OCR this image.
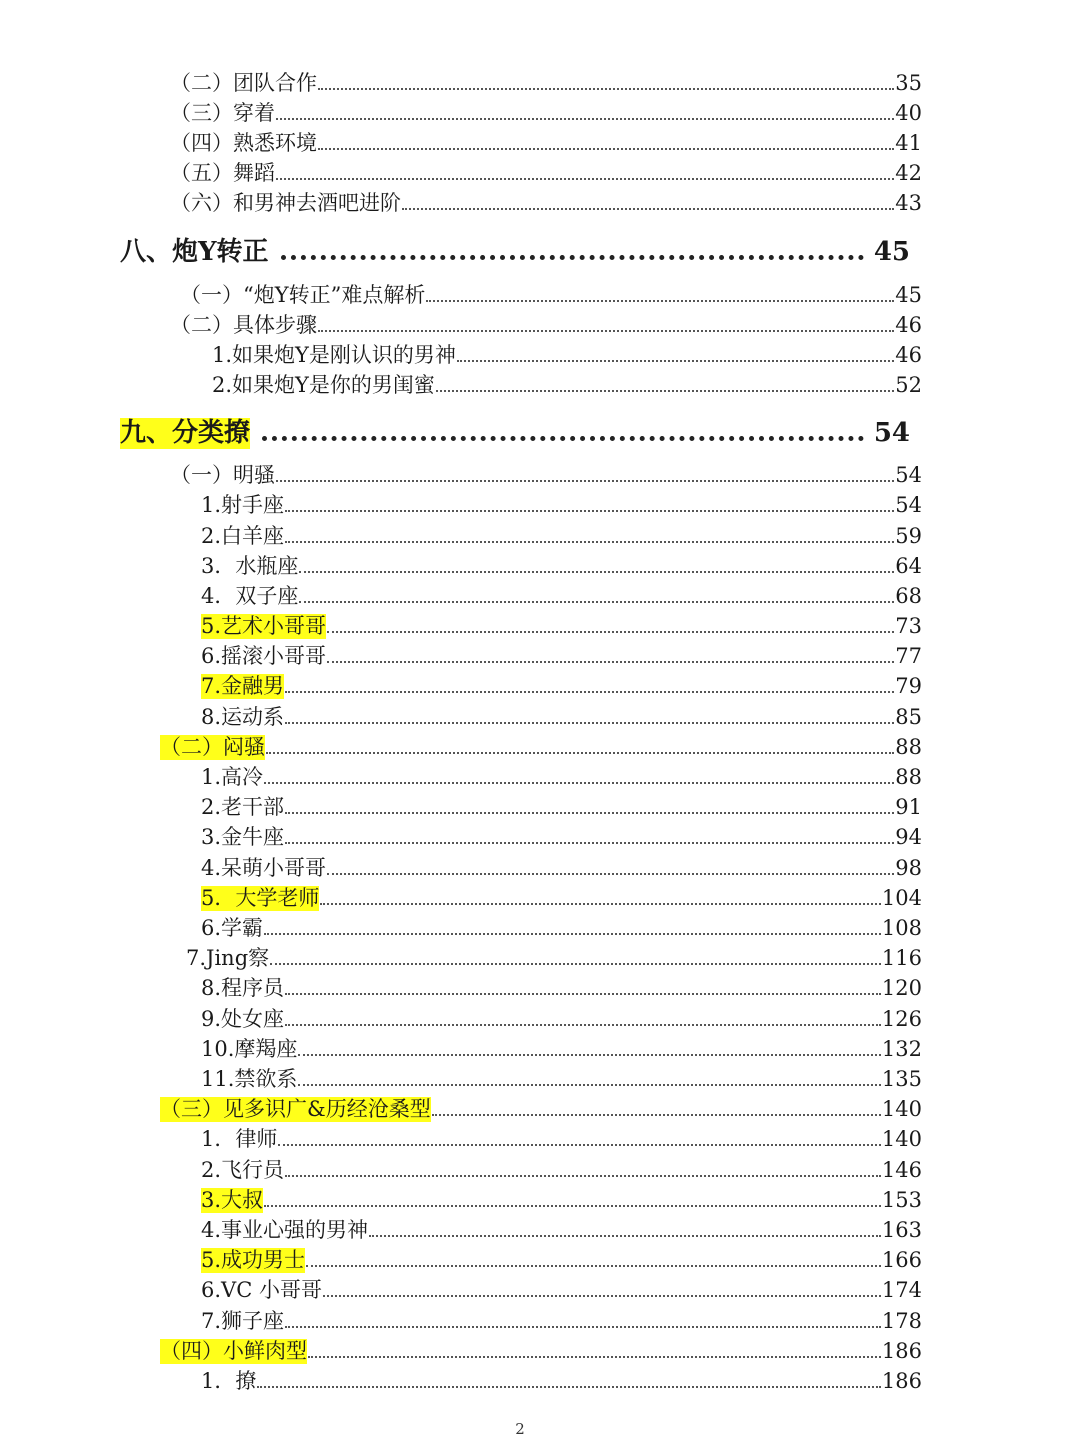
（二）团队合作	35
（三）穿着	40
（四）熟悉环境	41
（五）舞蹈	42
（六）和男神去酒吧进阶	43
八、炮Y转正	45
（一）“炮Y转正”难点解析	45
（二）具体步骤	46
1.如果炮Y是刚认识的男神	46
2.如果炮Y是你的男闺蜜	52
九、分类撩	54
（一）明骚	54
1.射手座	54
2.白羊座	59
3．水瓶座	64
4．双子座	68
5.艺术小哥哥	73
6.摇滚小哥哥	77
7.金融男	79
8.运动系	85
（二）闷骚	88
1.高冷	88
2.老干部	91
3.金牛座	94
4.呆萌小哥哥	98
5．大学老师	104
6.学霸	108
7.Jing察	116
8.程序员	120
9.处女座	126
10.摩羯座	132
11.禁欲系	135
（三）见多识广&历经沧桑型	140
1．律师	140
2.飞行员	146
3.大叔	153
4.事业心强的男神	163
5.成功男士	166
6.VC 小哥哥	174
7.狮子座	178
（四）小鲜肉型	186
1．撩	186
2
